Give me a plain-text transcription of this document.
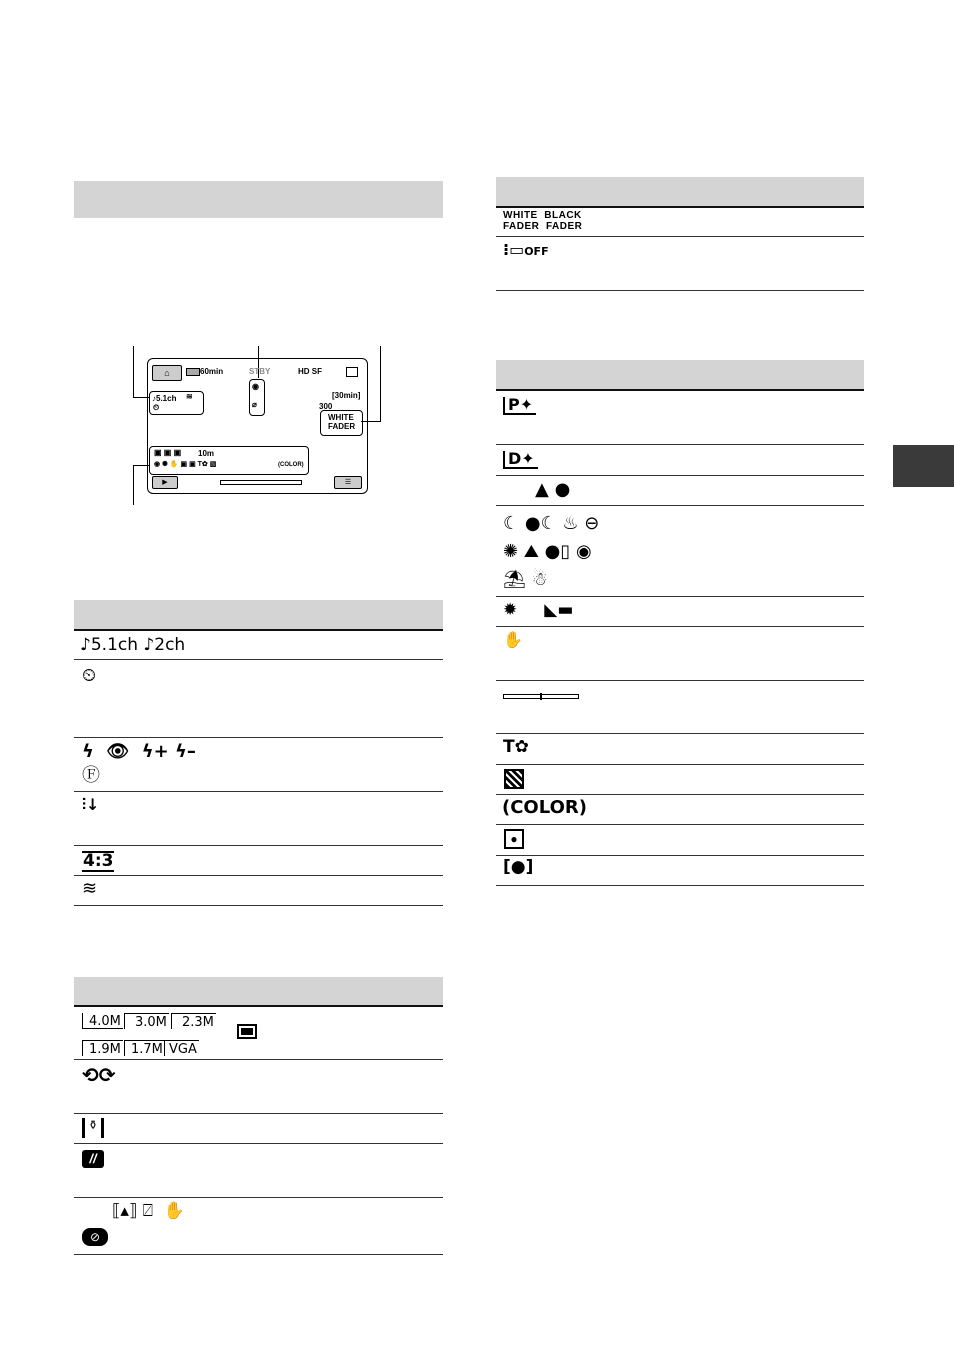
⌂	60min	STBY	HD SF
♪5.1ch ≋
⏲
◉
⌀
[30min]
300
WHITE
FADER
▣ ▣ ▣ 10m
◉ ✺ ✋ ▣ ▣ T✿ ▧	(COLOR)
▶	☰
♪5.1ch ♪2ch
⏲
ϟ  👁  ϟ+ ϟ–
Ⓕ
⫶↓
4:3
≋
4.0M	3.0M	2.3M
1.9M 1.7M VGA
⟲⟳
⚱
//
⟦▴⟧ ⍁  ✋
⊘
WHITE  BLACK
FADER  FADER
⁝▭OFF
P✦
D✦
▲ ●
☾ ●☾ ♨ ⊖
✺ ⛰ ●▯ ◉
⛱ ☃
✹     ◣▬
✋
T✿
(COLOR)
●
[●]
